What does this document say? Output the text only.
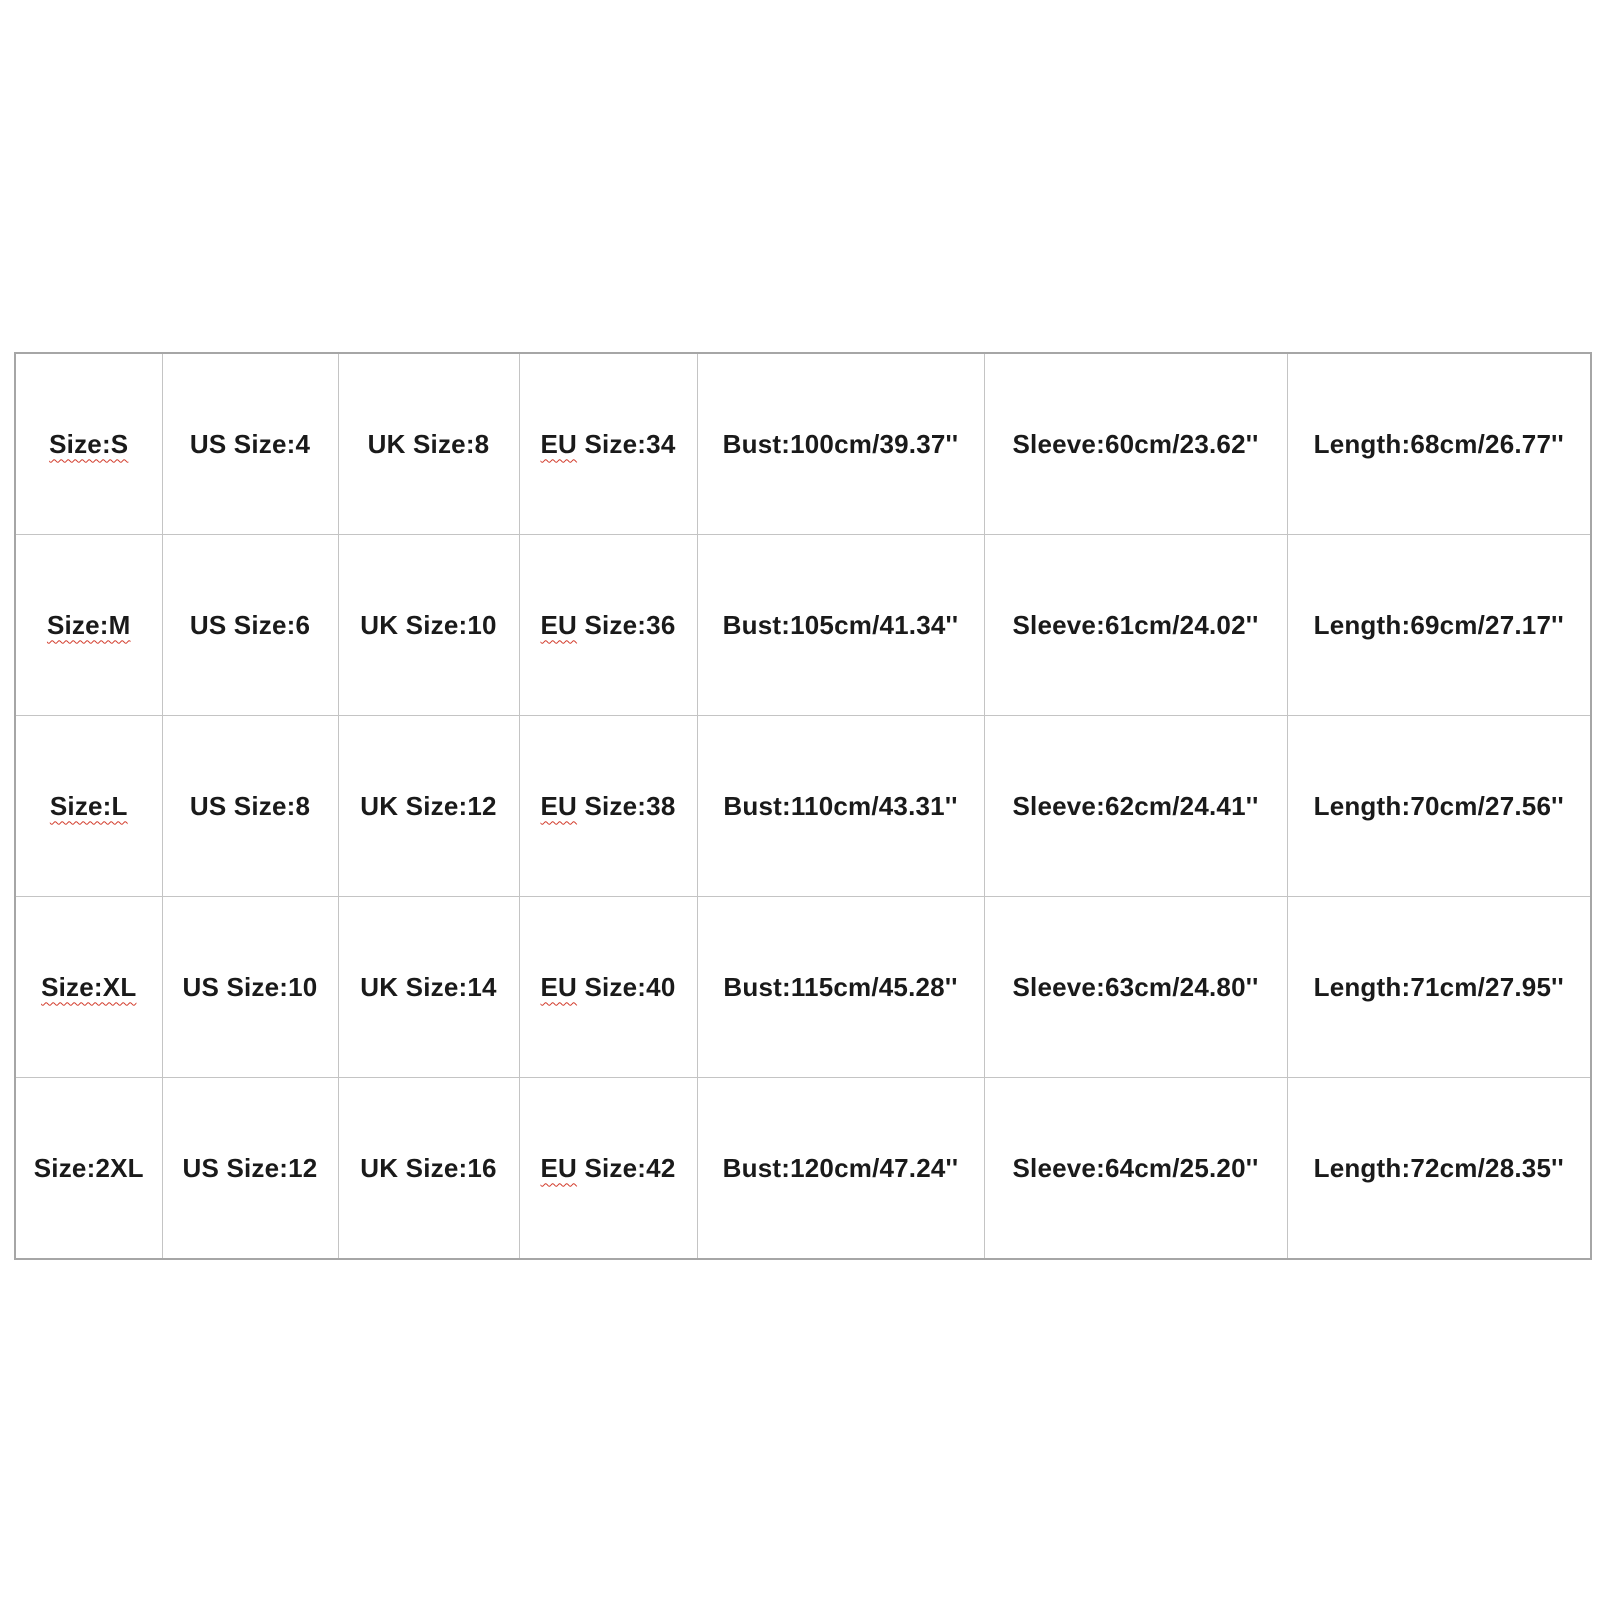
Size:S	US Size:4	UK Size:8	EU Size:34	Bust:100cm/39.37''	Sleeve:60cm/23.62''	Length:68cm/26.77''
Size:M	US Size:6	UK Size:10	EU Size:36	Bust:105cm/41.34''	Sleeve:61cm/24.02''	Length:69cm/27.17''
Size:L	US Size:8	UK Size:12	EU Size:38	Bust:110cm/43.31''	Sleeve:62cm/24.41''	Length:70cm/27.56''
Size:XL	US Size:10	UK Size:14	EU Size:40	Bust:115cm/45.28''	Sleeve:63cm/24.80''	Length:71cm/27.95''
Size:2XL	US Size:12	UK Size:16	EU Size:42	Bust:120cm/47.24''	Sleeve:64cm/25.20''	Length:72cm/28.35''
